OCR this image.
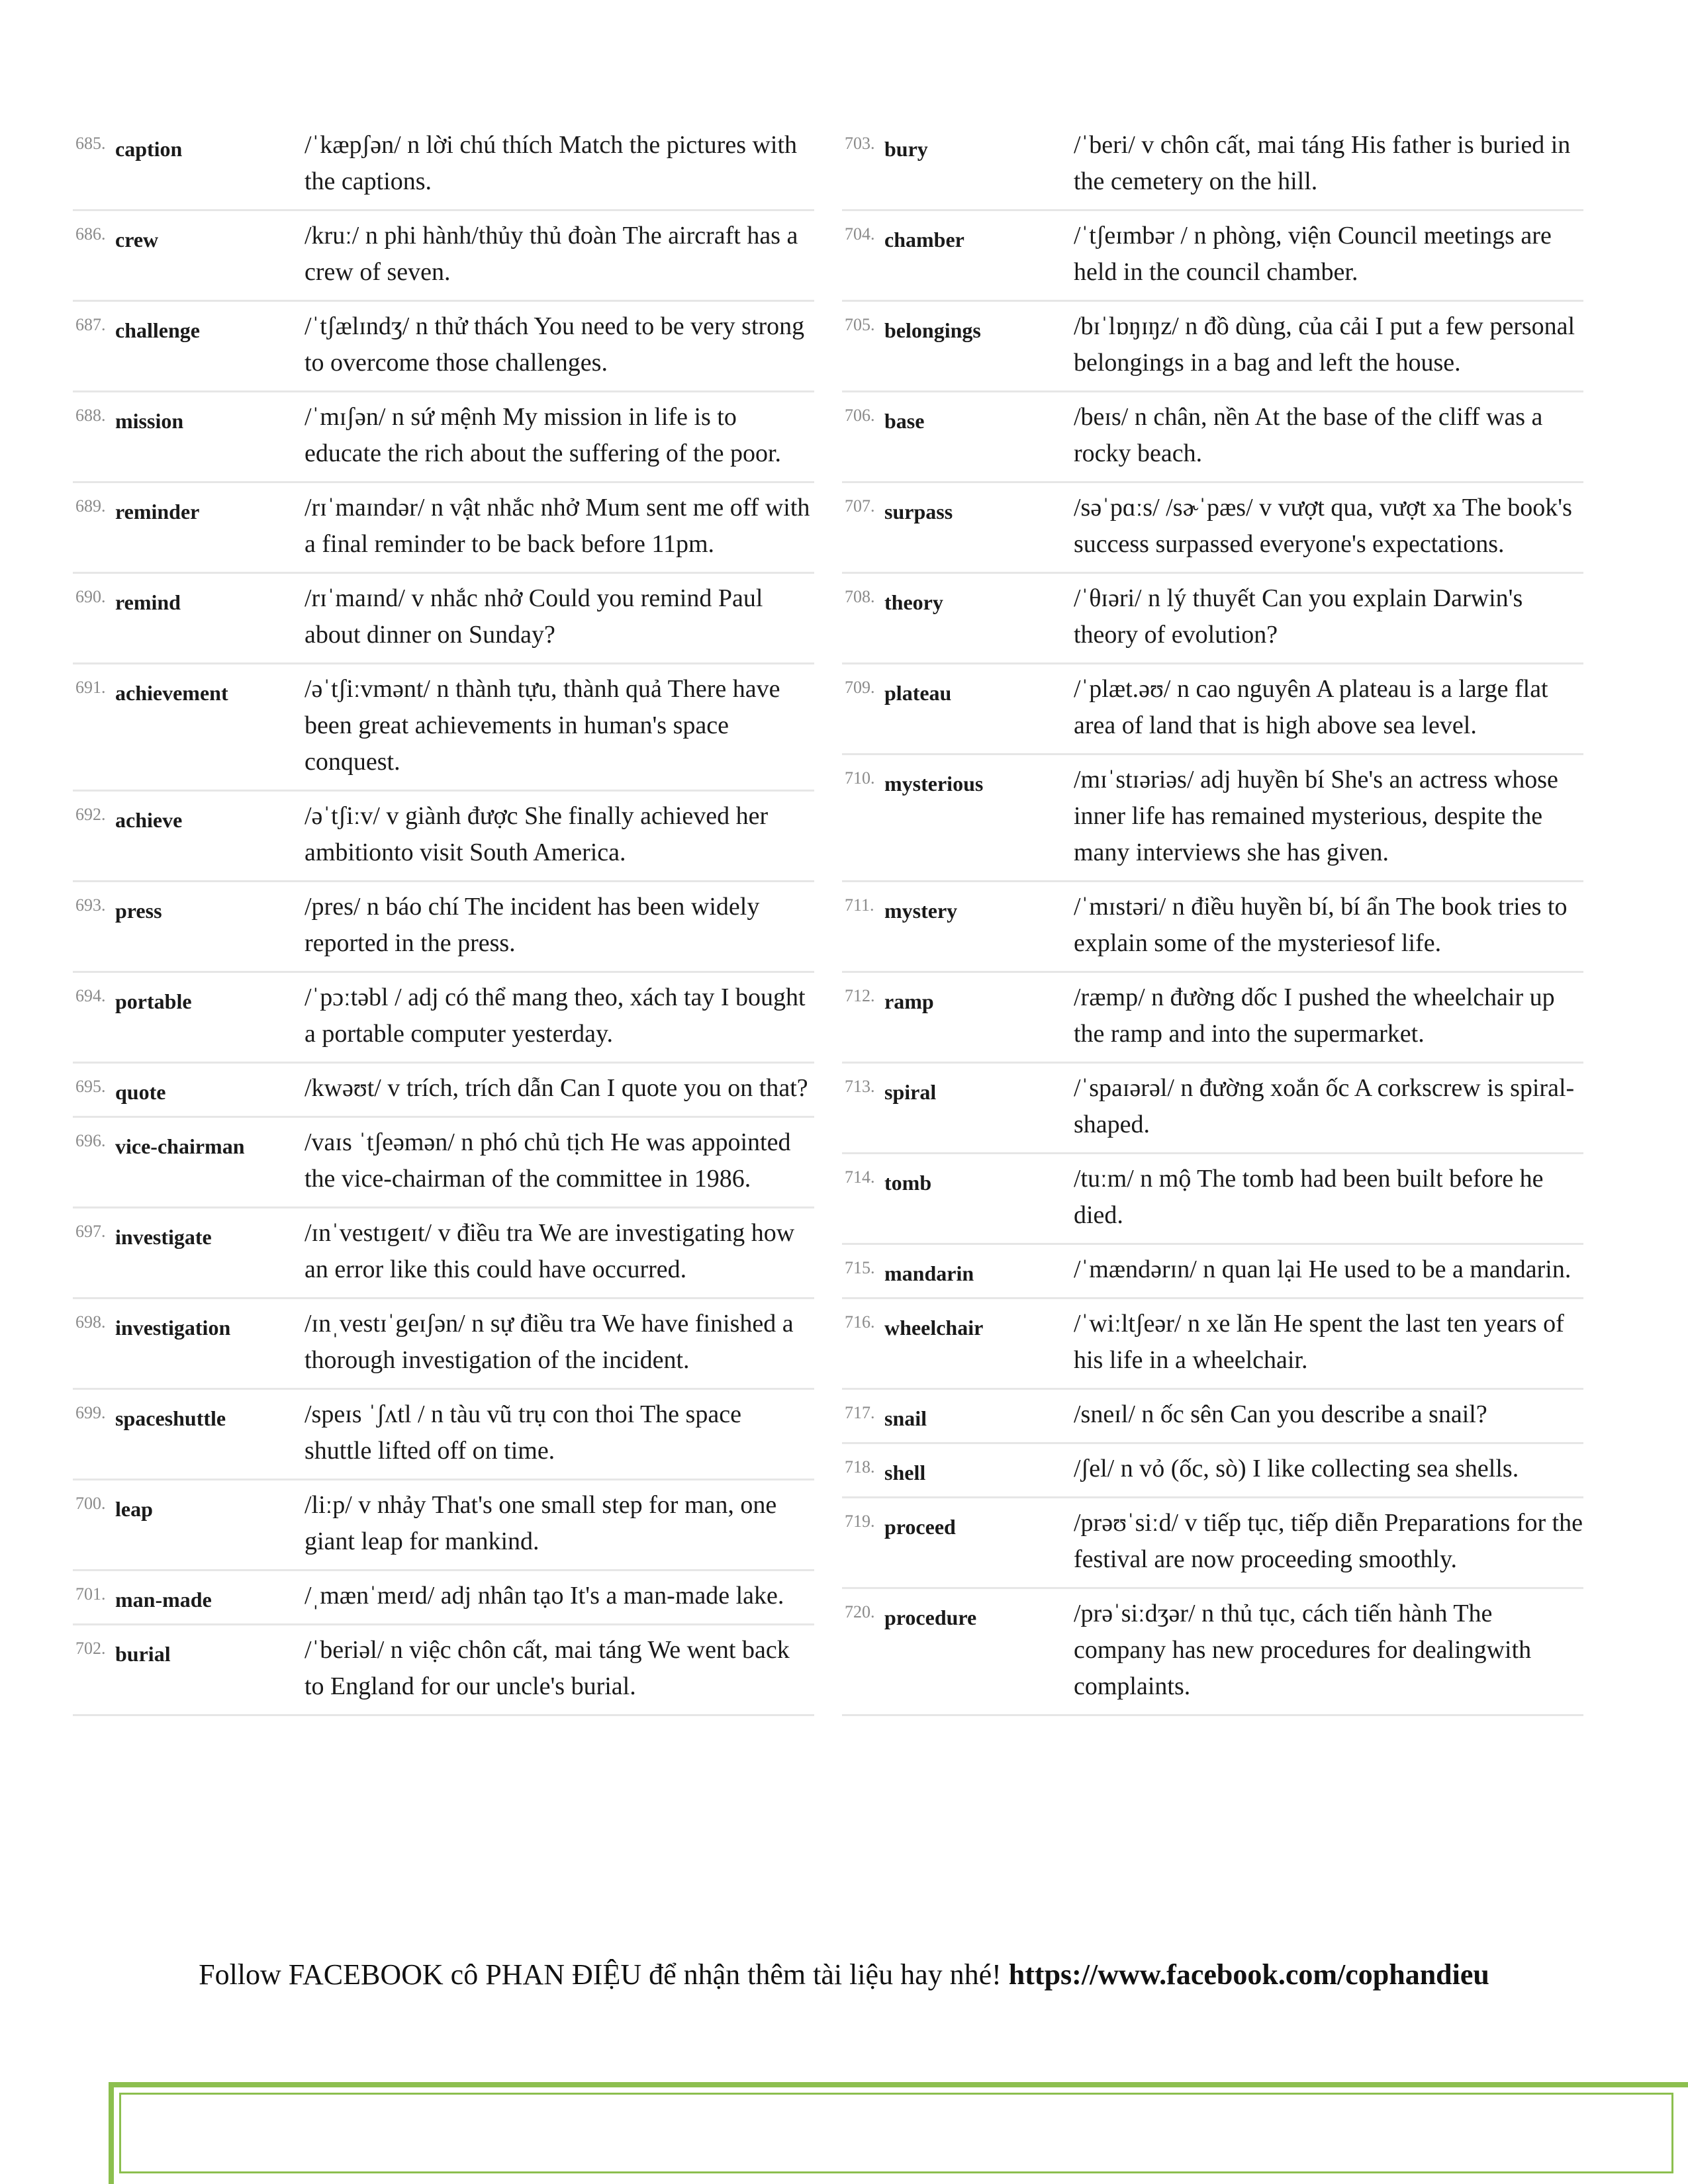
685. caption	/ˈkæpʃən/ n lời chú thích Match the pictures with the captions.
686. crew	/kruː/ n phi hành/thủy thủ đoàn The aircraft has a crew of seven.
687. challenge	/ˈtʃælɪndʒ/ n thử thách You need to be very strong to overcome those challenges.
688. mission	/ˈmɪʃən/ n sứ mệnh My mission in life is to educate the rich about the suffering of the poor.
689. reminder	/rɪˈmaɪndər/ n vật nhắc nhở Mum sent me off with a final reminder to be back before 11pm.
690. remind	/rɪˈmaɪnd/ v nhắc nhở Could you remind Paul about dinner on Sunday?
691. achievement	/əˈtʃiːvmənt/ n thành tựu, thành quả There have been great achievements in human's space conquest.
692. achieve	/əˈtʃiːv/ v giành được She finally achieved her ambitionto visit South America.
693. press	/pres/ n báo chí The incident has been widely reported in the press.
694. portable	/ˈpɔːtəbl / adj có thể mang theo, xách tay I bought a portable computer yesterday.
695. quote	/kwəʊt/ v trích, trích dẫn Can I quote you on that?
696. vice-chairman /vaɪs ˈtʃeəmən/ n phó chủ tịch He was appointed the vice-chairman of the committee in 1986.
697. investigate	/ɪnˈvestɪgeɪt/ v điều tra We are investigating how an error like this could have occurred.
698. investigation	/ɪnˌvestɪˈgeɪʃən/ n sự điều tra We have finished a thorough investigation of the incident.
699. spaceshuttle	/speɪs ˈʃʌtl / n tàu vũ trụ con thoi The space shuttle lifted off on time.
700. leap	/liːp/ v nhảy That's one small step for man, one giant leap for mankind.
701. man-made	/ˌmænˈmeɪd/ adj nhân tạo It's a man-made lake.
702. burial	/ˈberiəl/ n việc chôn cất, mai táng We went back to England for our uncle's burial.
703. bury	/ˈberi/ v chôn cất, mai táng His father is buried in the cemetery on the hill.
704. chamber	/ˈtʃeɪmbər / n phòng, viện Council meetings are held in the council chamber.
705. belongings	/bɪˈlɒŋɪŋz/ n đồ dùng, của cải I put a few personal belongings in a bag and left the house.
706. base	/beɪs/ n chân, nền At the base of the cliff was a rocky beach.
707. surpass	/səˈpɑːs/ /sɚˈpæs/ v vượt qua, vượt xa The book's success surpassed everyone's expectations.
708. theory	/ˈθɪəri/ n lý thuyết Can you explain Darwin's theory of evolution?
709. plateau	/ˈplæt.əʊ/ n cao nguyên A plateau is a large flat area of land that is high above sea level.
710. mysterious	/mɪˈstɪəriəs/ adj huyền bí She's an actress whose inner life has remained mysterious, despite the many interviews she has given.
711. mystery	/ˈmɪstəri/ n điều huyền bí, bí ẩn The book tries to explain some of the mysteriesof life.
712. ramp	/ræmp/ n đường dốc I pushed the wheelchair up the ramp and into the supermarket.
713. spiral	/ˈspaɪərəl/ n đường xoắn ốc A corkscrew is spiral-shaped.
714. tomb	/tuːm/ n mộ The tomb had been built before he died.
715. mandarin	/ˈmændərɪn/ n quan lại He used to be a mandarin.
716. wheelchair	/ˈwiːltʃeər/ n xe lăn He spent the last ten years of his life in a wheelchair.
717. snail	/sneɪl/ n ốc sên Can you describe a snail?
718. shell	/ʃel/ n vỏ (ốc, sò) I like collecting sea shells.
719. proceed	/prəʊˈsiːd/ v tiếp tục, tiếp diễn Preparations for the festival are now proceeding smoothly.
720. procedure	/prəˈsiːdʒər/ n thủ tục, cách tiến hành The company has new procedures for dealingwith complaints.
Follow FACEBOOK cô PHAN ĐIỆU để nhận thêm tài liệu hay nhé! https://www.facebook.com/cophandieu
